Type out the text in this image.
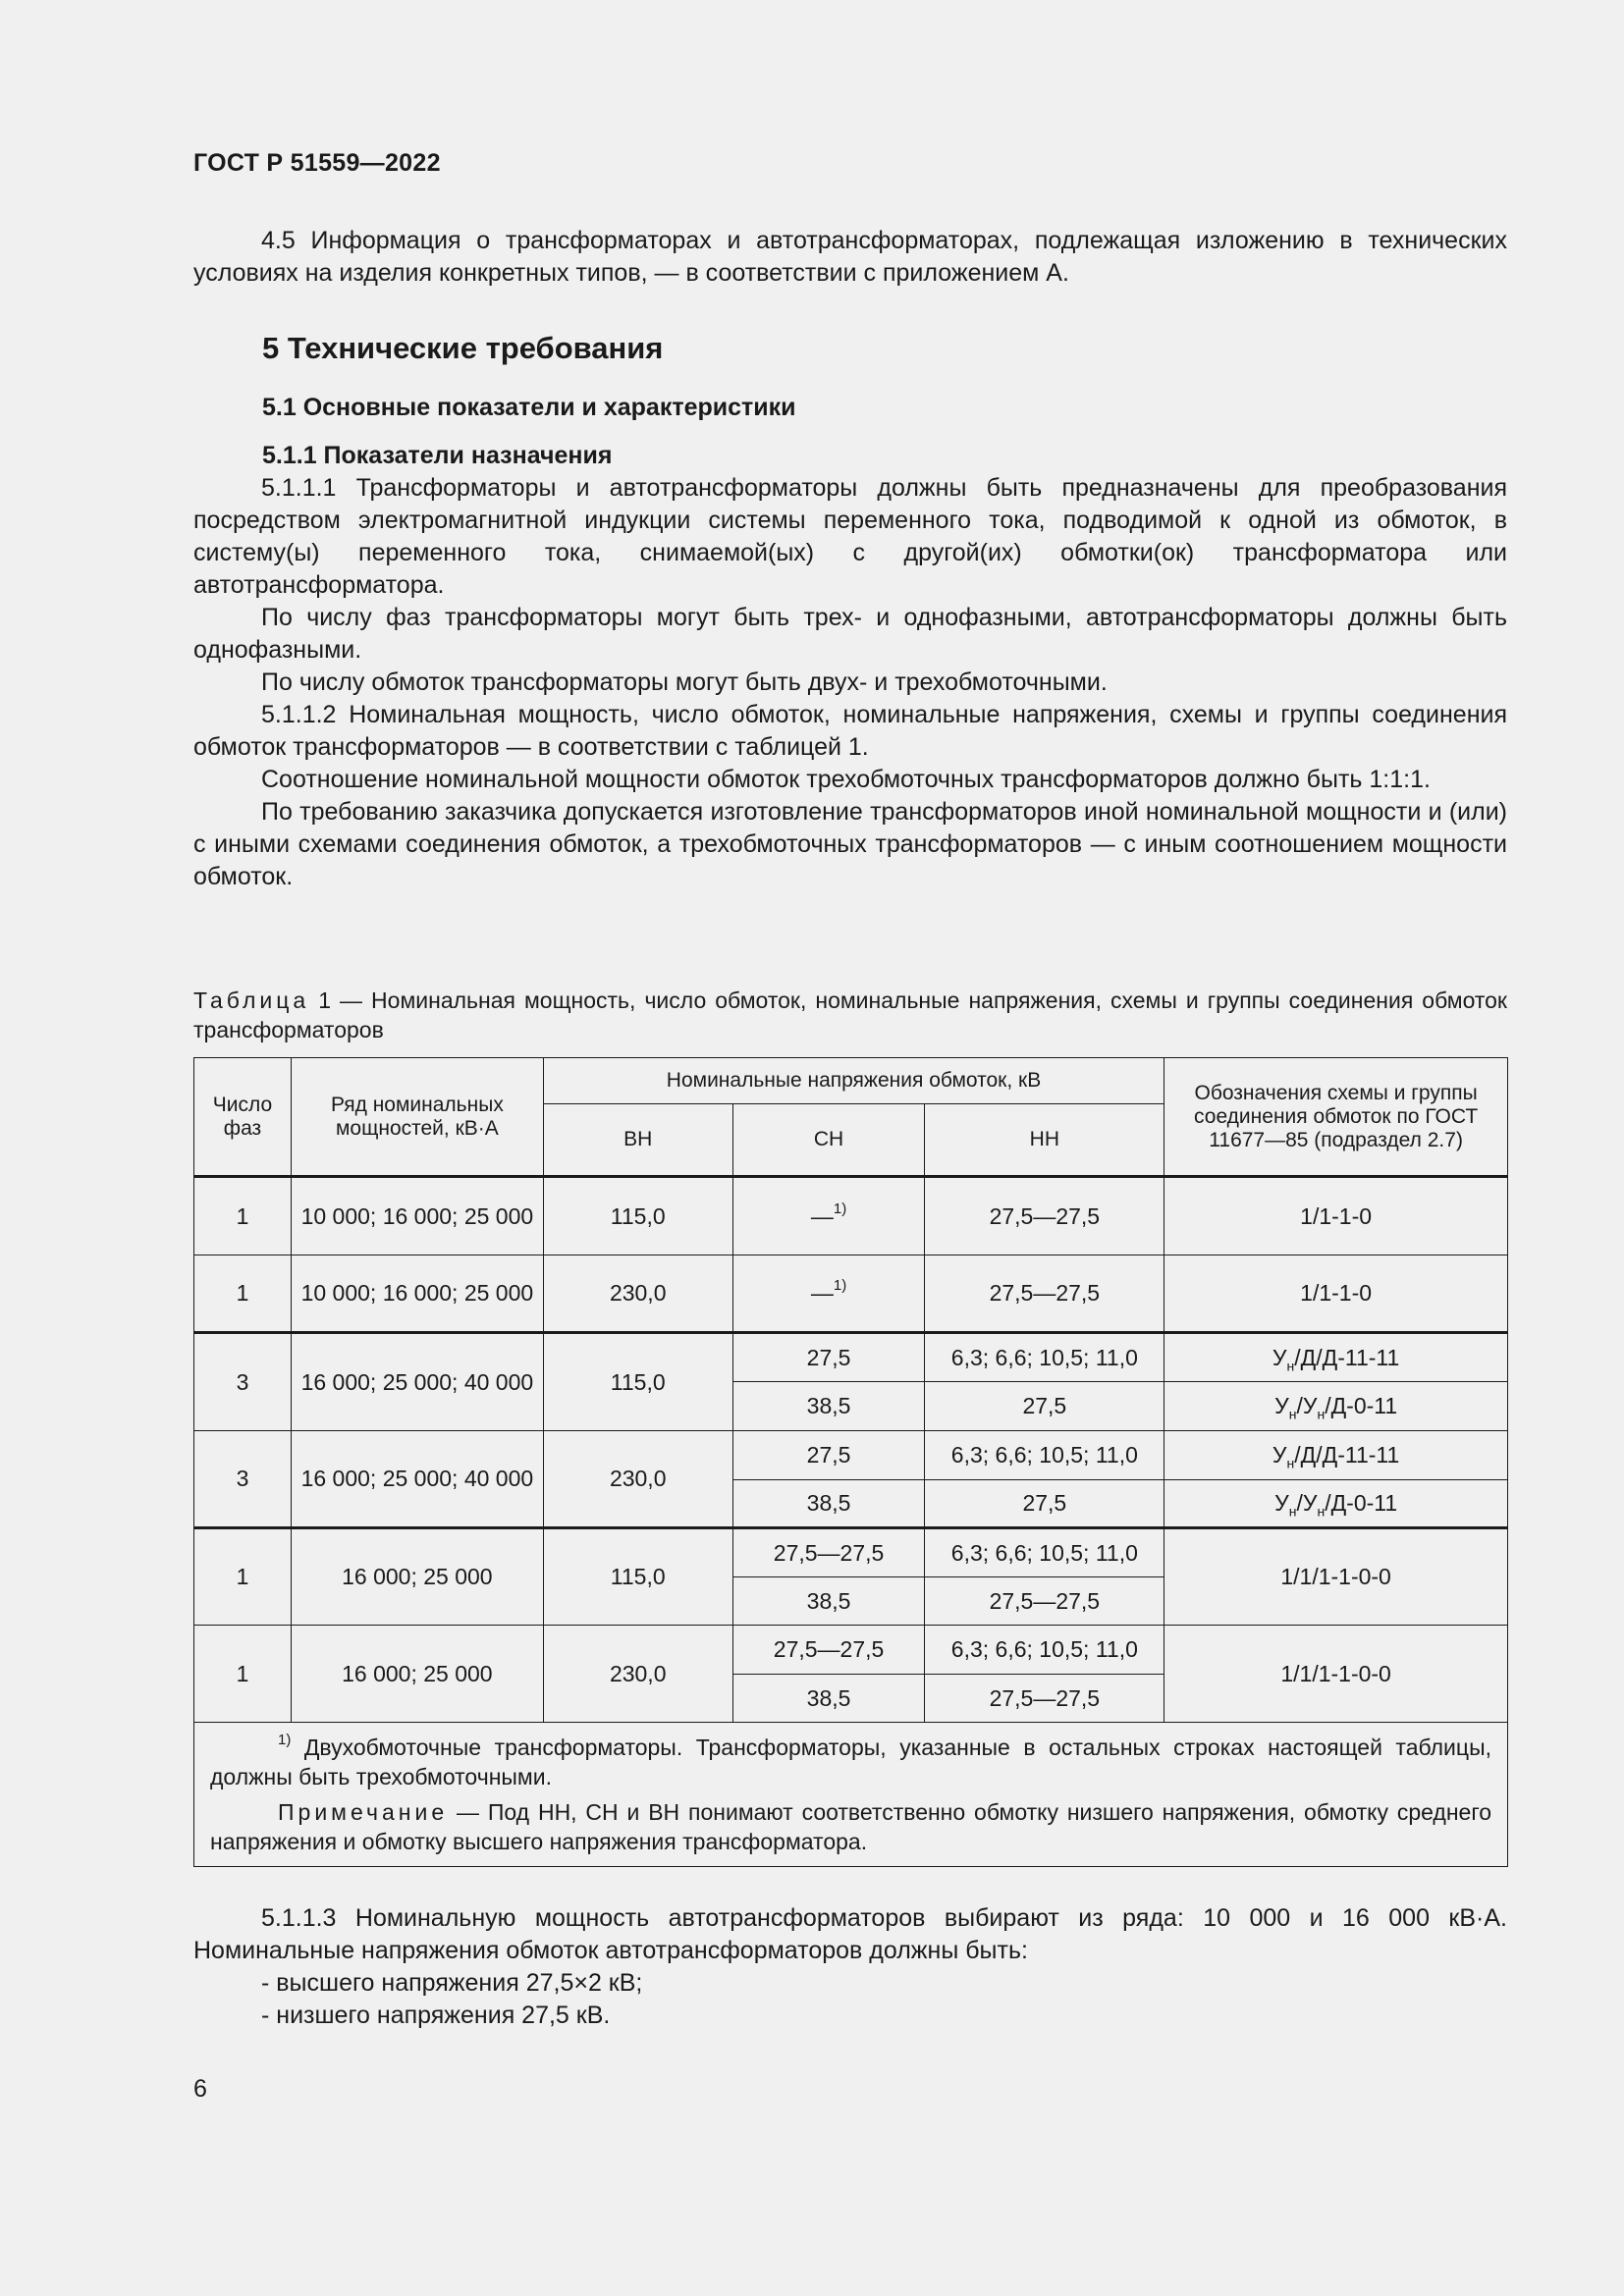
ГОСТ Р 51559—2022

4.5 Информация о трансформаторах и автотрансформаторах, подлежащая изложению в технических условиях на изделия конкретных типов, — в соответствии с приложением А.

5 Технические требования
5.1 Основные показатели и характеристики
5.1.1 Показатели назначения

5.1.1.1 Трансформаторы и автотрансформаторы должны быть предназначены для преобразования посредством электромагнитной индукции системы переменного тока, подводимой к одной из обмоток, в систему(ы) переменного тока, снимаемой(ых) с другой(их) обмотки(ок) трансформатора или автотрансформатора.

По числу фаз трансформаторы могут быть трех- и однофазными, автотрансформаторы должны быть однофазными.

По числу обмоток трансформаторы могут быть двух- и трехобмоточными.

5.1.1.2 Номинальная мощность, число обмоток, номинальные напряжения, схемы и группы соединения обмоток трансформаторов — в соответствии с таблицей 1.

Соотношение номинальной мощности обмоток трехобмоточных трансформаторов должно быть 1:1:1.

По требованию заказчика допускается изготовление трансформаторов иной номинальной мощности и (или) с иными схемами соединения обмоток, а трехобмоточных трансформаторов — с иным соотношением мощности обмоток.

Таблица 1 — Номинальная мощность, число обмоток, номинальные напряжения, схемы и группы соединения обмоток трансформаторов
Число фаз	Ряд номинальных мощностей, кВ·А	Номинальные напряжения обмоток, кВ			Обозначения схемы и группы соединения обмоток по ГОСТ 11677—85 (подраздел 2.7)
		ВН	СН	НН	
1	10 000; 16 000; 25 000	115,0	—$^{1)}$	27,5—27,5	1/1-1-0
1	10 000; 16 000; 25 000	230,0	—$^{1)}$	27,5—27,5	1/1-1-0
3	16 000; 25 000; 40 000	115,0	27,5	6,3; 6,6; 10,5; 11,0	$У_н/Д/Д-11-11$
			38,5	27,5	$У_н/У_н/Д-0-11$
3	16 000; 25 000; 40 000	230,0	27,5	6,3; 6,6; 10,5; 11,0	$У_н/Д/Д-11-11$
			38,5	27,5	$У_н/У_н/Д-0-11$
1	16 000; 25 000	115,0	27,5—27,5	6,3; 6,6; 10,5; 11,0	1/1/1-1-0-0
			38,5	27,5—27,5	
1	16 000; 25 000	230,0	27,5—27,5	6,3; 6,6; 10,5; 11,0	1/1/1-1-0-0
			38,5	27,5—27,5	

$^{1)}$ Двухобмоточные трансформаторы. Трансформаторы, указанные в остальных строках настоящей таблицы, должны быть трехобмоточными.

Примечание — Под НН, СН и ВН понимают соответственно обмотку низшего напряжения, обмотку среднего напряжения и обмотку высшего напряжения трансформатора.					

5.1.1.3 Номинальную мощность автотрансформаторов выбирают из ряда: 10 000 и 16 000 кВ·А. Номинальные напряжения обмоток автотрансформаторов должны быть:

- высшего напряжения 27,5×2 кВ;

- низшего напряжения 27,5 кВ.

6
